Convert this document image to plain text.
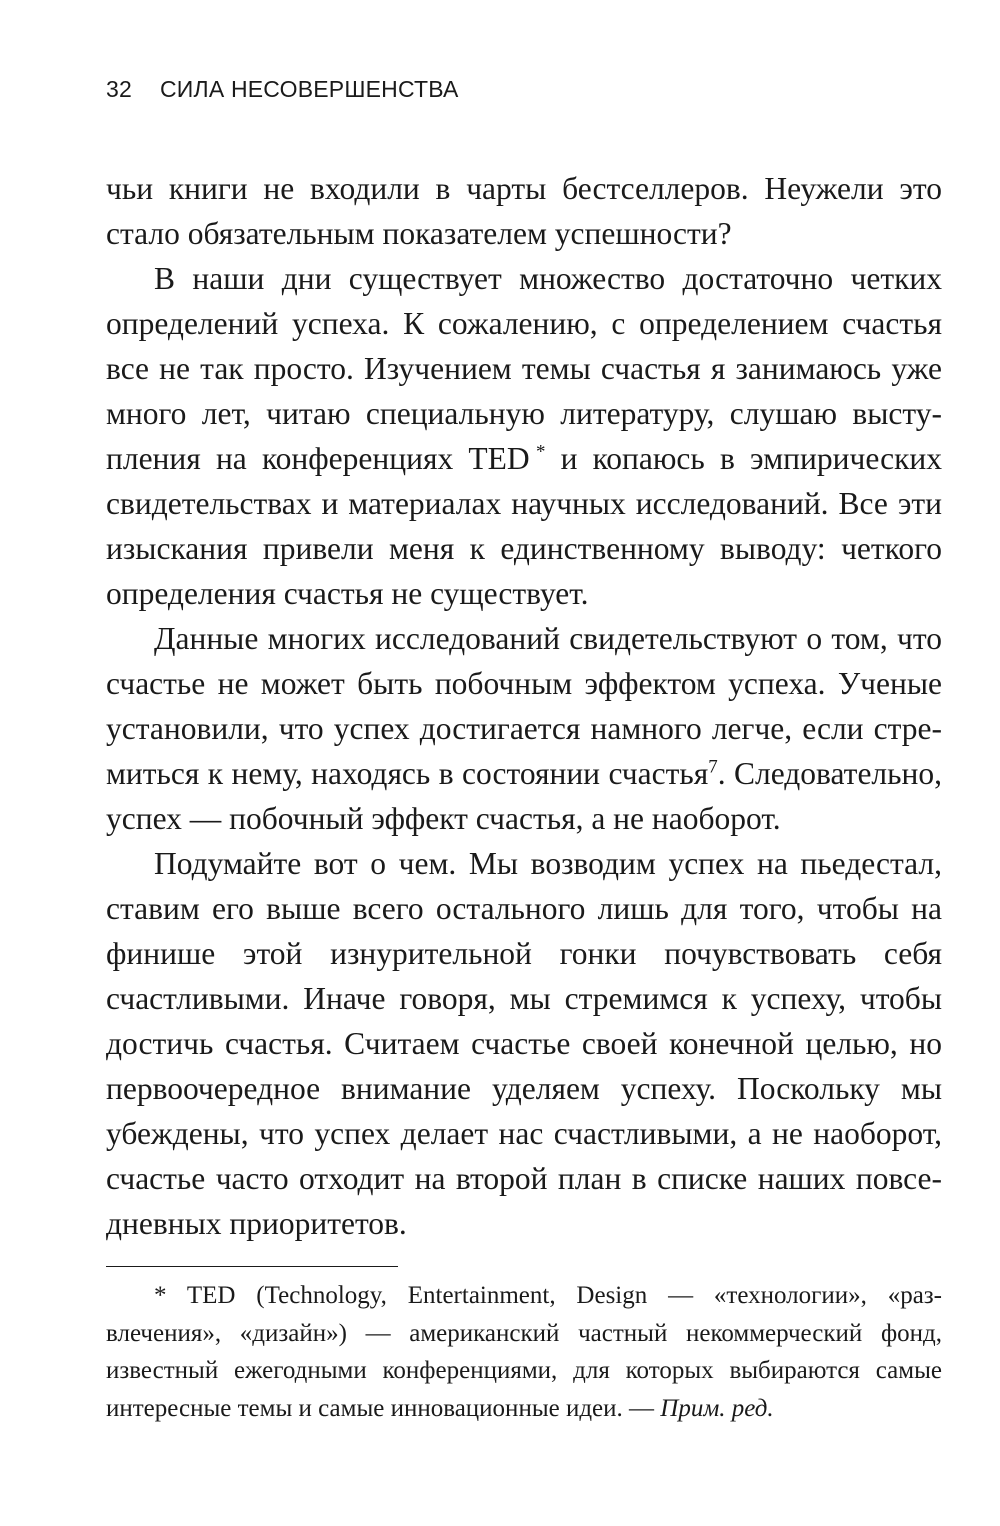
32 СИЛА НЕСОВЕРШЕНСТВА

чьи книги не входили в чарты бестселлеров. Неужели это стало обязательным показателем успешности?

В наши дни существует множество достаточно четких определений успеха. К сожалению, с определением счастья все не так просто. Изучением темы счастья я занимаюсь уже много лет, читаю специальную литературу, слушаю выступления на конференциях TED  * и копаюсь в эмпирических свидетельствах и материалах научных исследований. Все эти изыскания привели меня к единственному выводу: четкого определения счастья не существует.

Данные многих исследований свидетельствуют о том, что счастье не может быть побочным эффектом успеха. Ученые установили, что успех достигается намного легче, если стремиться к нему, находясь в состоянии счастья$^7$. Следовательно, успех — побочный эффект счастья, а не наоборот.

Подумайте вот о чем. Мы возводим успех на пьедестал, ставим его выше всего остального лишь для того, чтобы на финише этой изнурительной гонки почувствовать себя счастливыми. Иначе говоря, мы стремимся к успеху, чтобы достичь счастья. Считаем счастье своей конечной целью, но первоочередное внимание уделяем успеху. Поскольку мы убеждены, что успех делает нас счастливыми, а не наоборот, счастье часто отходит на второй план в списке наших повседневных приоритетов.

* TED (Technology, Entertainment, Design — «технологии», «развлечения», «дизайн») — американский частный некоммерческий фонд, известный ежегодными конференциями, для которых выбираются самые интересные темы и самые инновационные идеи. — Прим. ред.
